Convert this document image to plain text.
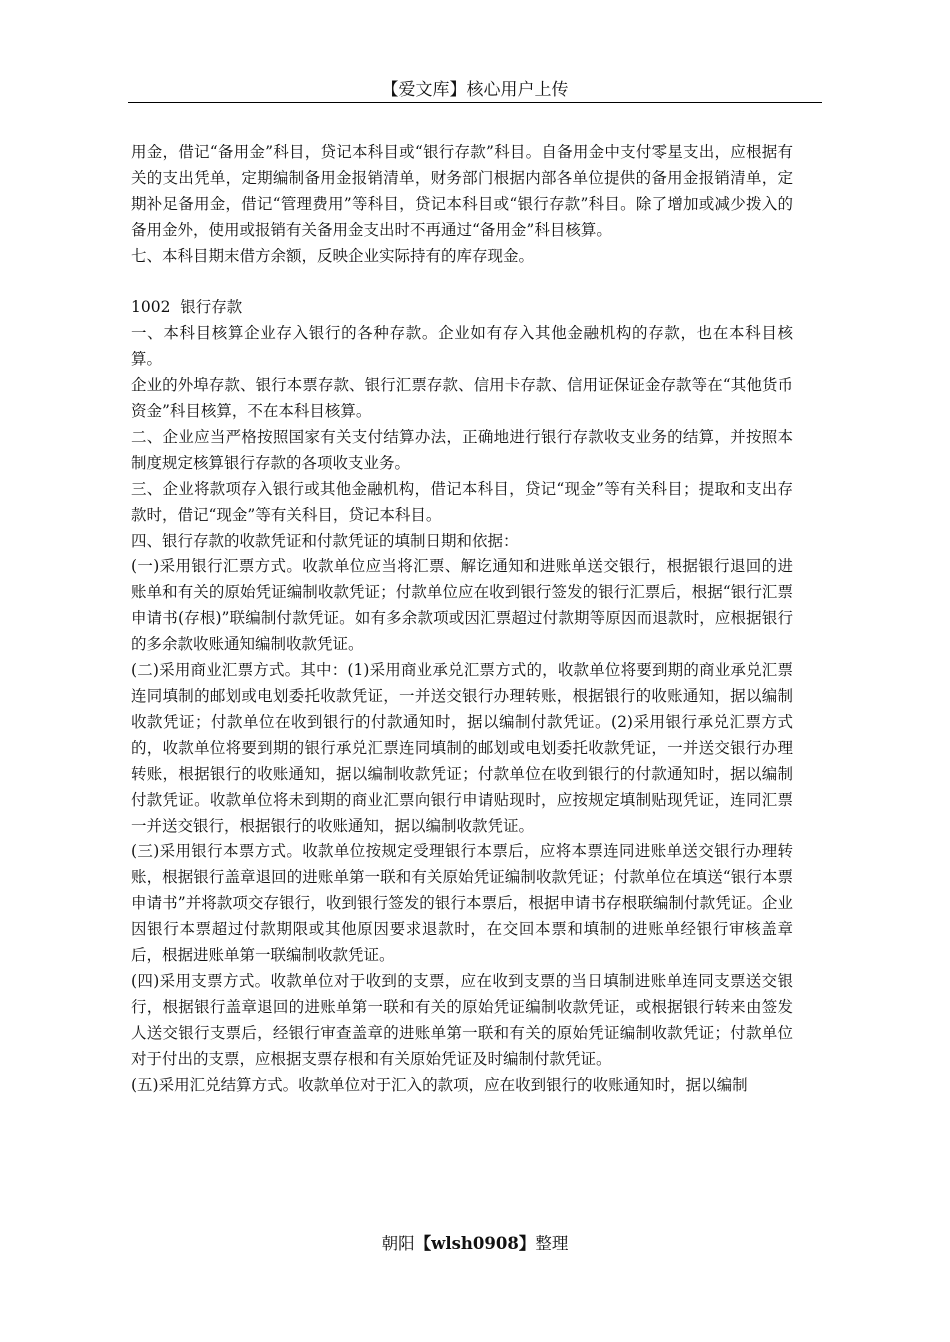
【爱文库】核心用户上传

用金，借记“备用金”科目，贷记本科目或“银行存款”科目。自备用金中支付零星支出，应根据有关的支出凭单，定期编制备用金报销清单，财务部门根据内部各单位提供的备用金报销清单，定期补足备用金，借记“管理费用”等科目，贷记本科目或“银行存款”科目。除了增加或减少拨入的备用金外，使用或报销有关备用金支出时不再通过“备用金”科目核算。

七、本科目期末借方余额，反映企业实际持有的库存现金。

1002  银行存款

一、本科目核算企业存入银行的各种存款。企业如有存入其他金融机构的存款，也在本科目核算。

企业的外埠存款、银行本票存款、银行汇票存款、信用卡存款、信用证保证金存款等在“其他货币资金”科目核算，不在本科目核算。

二、企业应当严格按照国家有关支付结算办法，正确地进行银行存款收支业务的结算，并按照本制度规定核算银行存款的各项收支业务。

三、企业将款项存入银行或其他金融机构，借记本科目，贷记“现金”等有关科目；提取和支出存款时，借记“现金”等有关科目，贷记本科目。

四、银行存款的收款凭证和付款凭证的填制日期和依据：

(一)采用银行汇票方式。收款单位应当将汇票、解讫通知和进账单送交银行，根据银行退回的进账单和有关的原始凭证编制收款凭证；付款单位应在收到银行签发的银行汇票后，根据“银行汇票申请书(存根)”联编制付款凭证。如有多余款项或因汇票超过付款期等原因而退款时，应根据银行的多余款收账通知编制收款凭证。

(二)采用商业汇票方式。其中：(1)采用商业承兑汇票方式的，收款单位将要到期的商业承兑汇票连同填制的邮划或电划委托收款凭证，一并送交银行办理转账，根据银行的收账通知，据以编制收款凭证；付款单位在收到银行的付款通知时，据以编制付款凭证。(2)采用银行承兑汇票方式的，收款单位将要到期的银行承兑汇票连同填制的邮划或电划委托收款凭证，一并送交银行办理转账，根据银行的收账通知，据以编制收款凭证；付款单位在收到银行的付款通知时，据以编制付款凭证。收款单位将未到期的商业汇票向银行申请贴现时，应按规定填制贴现凭证，连同汇票一并送交银行，根据银行的收账通知，据以编制收款凭证。

(三)采用银行本票方式。收款单位按规定受理银行本票后，应将本票连同进账单送交银行办理转账，根据银行盖章退回的进账单第一联和有关原始凭证编制收款凭证；付款单位在填送“银行本票申请书”并将款项交存银行，收到银行签发的银行本票后，根据申请书存根联编制付款凭证。企业因银行本票超过付款期限或其他原因要求退款时，在交回本票和填制的进账单经银行审核盖章后，根据进账单第一联编制收款凭证。

(四)采用支票方式。收款单位对于收到的支票，应在收到支票的当日填制进账单连同支票送交银行，根据银行盖章退回的进账单第一联和有关的原始凭证编制收款凭证，或根据银行转来由签发人送交银行支票后，经银行审查盖章的进账单第一联和有关的原始凭证编制收款凭证；付款单位对于付出的支票，应根据支票存根和有关原始凭证及时编制付款凭证。

(五)采用汇兑结算方式。收款单位对于汇入的款项，应在收到银行的收账通知时，据以编制

朝阳【wlsh0908】整理
